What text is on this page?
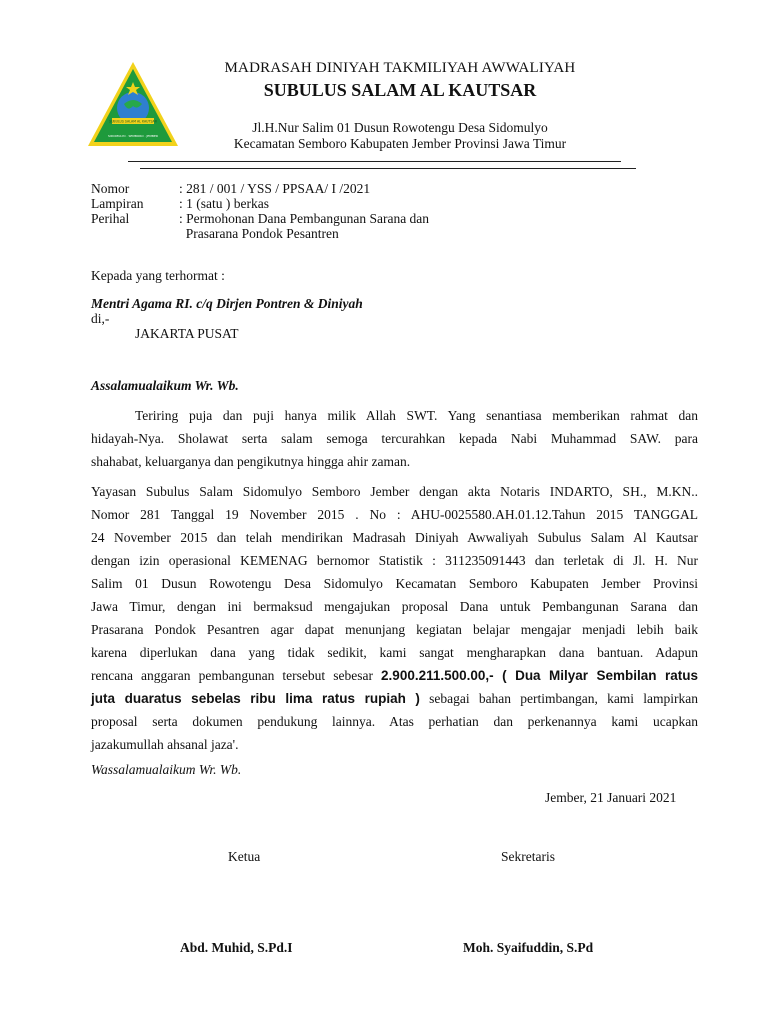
SUBULUS SALAM AL KAUTSAR
SIDOMULYO · SEMBORO · JEMBER
MADRASAH DINIYAH TAKMILIYAH AWWALIYAH
SUBULUS SALAM AL KAUTSAR
Jl.H.Nur Salim 01 Dusun Rowotengu Desa Sidomulyo
Kecamatan Semboro Kabupaten Jember Provinsi Jawa Timur
Nomor	: 281 / 001 / YSS / PPSAA/ I /2021
Lampiran	: 1 (satu ) berkas
Perihal	: Permohonan Dana Pembangunan Sarana dan
Prasarana Pondok Pesantren
Kepada yang terhormat :
Mentri Agama RI. c/q Dirjen Pontren & Diniyah
di,-
JAKARTA PUSAT
Assalamualaikum Wr. Wb.
Teriring puja dan puji hanya milik Allah SWT. Yang senantiasa memberikan rahmat dan
hidayah-Nya. Sholawat serta salam semoga tercurahkan kepada Nabi Muhammad SAW. para
shahabat, keluarganya dan pengikutnya hingga ahir zaman.
Yayasan Subulus Salam Sidomulyo Semboro Jember dengan akta Notaris INDARTO, SH., M.KN..
Nomor 281 Tanggal 19 November 2015 . No : AHU-0025580.AH.01.12.Tahun 2015 TANGGAL
24 November 2015 dan telah mendirikan Madrasah Diniyah Awwaliyah Subulus Salam Al Kautsar
dengan izin operasional KEMENAG bernomor Statistik : 311235091443 dan terletak di Jl. H. Nur
Salim 01 Dusun Rowotengu Desa Sidomulyo Kecamatan Semboro Kabupaten Jember Provinsi
Jawa Timur, dengan ini bermaksud mengajukan proposal Dana untuk Pembangunan Sarana dan
Prasarana Pondok Pesantren agar dapat menunjang kegiatan belajar mengajar menjadi lebih baik
karena diperlukan dana yang tidak sedikit, kami sangat mengharapkan dana bantuan. Adapun
rencana anggaran pembangunan tersebut sebesar 2.900.211.500.00,- ( Dua Milyar Sembilan ratus
juta duaratus sebelas ribu lima ratus rupiah ) sebagai bahan pertimbangan, kami lampirkan
proposal serta dokumen pendukung lainnya. Atas perhatian dan perkenannya kami ucapkan
jazakumullah ahsanal jaza'.
Wassalamualaikum Wr. Wb.
Jember, 21 Januari 2021
Ketua	Sekretaris
Abd. Muhid, S.Pd.I	Moh. Syaifuddin, S.Pd
